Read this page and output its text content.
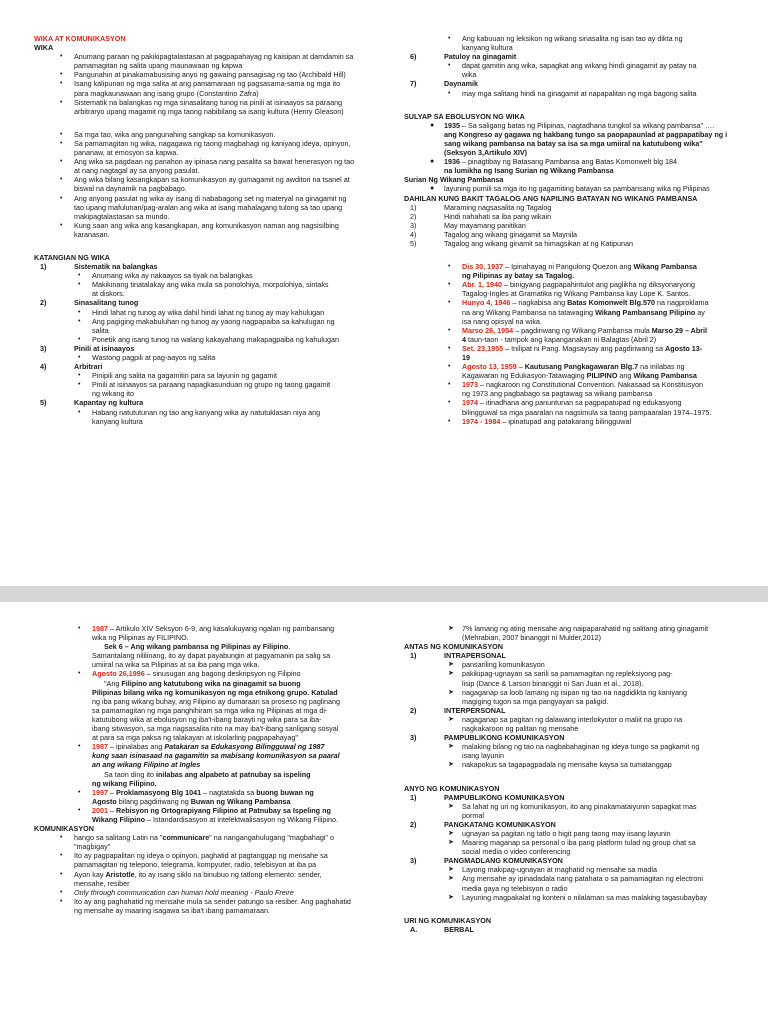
WIKA AT KOMUNIKASYON
WIKA
• Anumang paraan ng pakikipagtalastasan at pagpapahayag ng kaisipan at damdamin sa
pamamagitan ng salita upang maunawaan ng kapwa
• Pangunahin at pinakamabusising anyo ng gawaing pansagisag ng tao (Archibald Hill)
• Isang kalipunan ng mga salita at ang pamamaraan ng pagsasama-sama ng mga ito
para magkaunawaan ang isang grupo (Constantino Zafra)
• Sistematik na balangkas ng mga sinasalitang tunog na pinili at isinaayos sa paraang
arbitraryo upang magamit ng mga taong nabibilang sa isang kultura (Henry Gleason)
• Sa mga tao, wika ang pangunahing sangkap sa komunikasyon.
• Sa pamamagitan ng wika, nagagawa ng taong magbahagi ng kaniyang ideya, opinyon,
pananaw, at emosyon sa kapwa.
• Ang wika sa pagdaan ng panahon ay ipinasa nang pasalita sa bawat henerasyon ng tao
at nang nagtagal ay sa anyong pasulat.
• Ang wika bilang kasangkapan sa komunikasyon ay gumagamit ng awditori na tsanel at
biswal na daynamik na pagbabago.
• Ang anyong pasulat ng wika ay isang di nababagong set ng materyal na ginagamit ng
tao upang mafulunan/pag-aralan ang wika at isang mahalagang tulong sa tao upang
makipagtalastasan sa mundo.
• Kung saan ang wika ang kasangkapan, ang komunikasyon naman ang nagsisilbing
karanasan.
KATANGIAN NG WIKA
1)	Sistematik na balangkas
• Anumang wika ay nakaayos sa tiyak na balangkas
• Makikinang tinatalakay ang wika mula sa ponolohiya, morpolohiya, sintaks
at diskors.
2)	Sinasalitang tunog
• Hindi lahat ng tunog ay wika dahil hindi lahat ng tunog ay may kahulugan
• Ang pagiging makabuluhan ng tunog ay yaong nagpapaiba sa kahulugan ng
salita
• Ponetik ang isang tunog na walang kakayahang makapagpaiba ng kahulugan
3)	Pinili at isinaayos
• Wastong pagpili at pag-aayos ng salita
4)	Arbitrari
• Pinipili ang salita na gagamitin para sa layunin ng gagamit
• Pinili at isinaayos sa paraang napagkasunduan ng grupo ng taong gagamit
ng wikang ito
5)	Kapantay ng kultura
• Habang natututunan ng tao ang kanyang wika ay natutuklasan niya ang
kanyang kultura
• Ang kabuuan ng leksikon ng wikang sinasalita ng isan tao ay dikta ng
kanyang kultura
6)	Patuloy na ginagamit
• dapat gamitin ang wika, sapagkat ang wikang hindi ginagamit ay patay na
wika
7)	Daynamik
• may mga salitang hindi na ginagamit at napapalitan ng mga bagong salita
SULYAP SA EBOLUSYON NG WIKA
● 1935 – Sa saligang batas ng Pilipinas, nagtadhana tungkol sa wikang pambansa" ….
ang Kongreso ay gagawa ng hakbang tungo sa paopapaunlad at pagpapatibay ng i
sang wikang pambansa na batay sa isa sa mga umiiral na katutubong wika"
(Seksyon 3,Artikulo XIV)
● 1936 – pinagtibay ng Batasang Pambansa ang Batas Komonwelt blg 184
na lumikha ng Isang Surian ng Wikang Pambansa
Surian Ng Wikang Pambansa
● layuning pumili sa mga ito ng gagamiting batayan sa pambansang wika ng Pilipinas
DAHILAN KUNG BAKIT TAGALOG ANG NAPILING BATAYAN NG WIKANG PAMBANSA
1)	Maraming nagsasalita ng Tagalog
2)	Hindi nahahati sa iba pang wikain
3)	May mayamang panitikan
4)	Tagalog ang wikang ginagamit sa Maynila
5)	Tagalog ang wikang ginamit sa himagsikan at ng Katipunan
• Dis 30, 1937 – Ipinahayag ni Pangulong Quezon ang Wikang Pambansa
ng Pilipinas ay batay sa Tagalog.
• Abr. 1, 1940 – binigyang pagpapahintulot ang paglikha ng diksyonaryong
Tagalog-Ingles at Gramatika ng Wikang Pambansa kay Lope K. Santos.
• Hunyo 4, 1946 – nagkabisa ang Batas Komonwelt Blg.570 na nagproklama
na ang Wikang Pambansa na tatawaging Wikang Pambansang Pilipino ay
isa nang opisyal na wika.
• Marso 26, 1954 – pagdiriwang ng Wikang Pambansa mula Marso 29 – Abril
4 taun-taon - tampok ang kapanganakan ni Balagtas (Abril 2)
• Set. 23,1955 – Inilipat ni Pang. Magsaysay ang pagdiriwang sa Agosto 13-
19
• Agosto 13, 1959 – Kautusang Pangkagawaran Blg.7 na inilabas ng
Kagawaran ng Edukasyon-Tatawaging PILIPINO ang Wikang Pambansa
• 1973 – nagkaroon ng Constitutional Convention. Nakasaad sa Konstitusyon
ng 1973 ang pagbabago sa pagtawag sa wikang pambansa
• 1974 – itinadhana ang panuntunan sa pagpapatupad ng edukasyong
bilingguwal sa mga paaralan na nagsimula sa taong pampaaralan 1974–1975.
• 1974 - 1984 – ipinatupad ang patakarang bilingguwal
• 1987 – Artikulo XIV Seksyon 6-9, ang kasalukuyang ngalan ng pambansang
wika ng Pilipinas ay FILIPINO.
Sek 6 – Ang wikang pambansa ng Pilipinas ay Filipino.
Samantalang nililinang, ito ay dapat payabungin at pagyamanin pa salig sa
umiiral na wika sa Pilipinas at sa iba pang mga wika.
• Agosto 26,1996 – sinusugan ang bagong deskripsyon ng Filipino
"Ang Filipino ang katutubong wika na ginagamit sa buong
Pilipinas bilang wika ng komunikasyon ng mga etnikong grupo. Katulad
ng iba pang wikang buhay, ang Filipino ay dumaraan sa proseso ng paglinang
sa pamamagitan ng mga panghihiram sa mga wika ng Pilipinas at mga di-
katutubong wika at ebolusyon ng iba't-ibang barayti ng wika para sa iba-
ibang sitwasyon, sa mga nagsasalita nito na may iba't-ibang sanligang sosyal
at para sa mga paksa ng talakayan at iskolarling pagpapahayag"
• 1987 – ipinalabas ang Patakaran sa Edukasyong Bilingguwal ng 1987
kung saan isinasaad na gagamitin sa mabisang komunikasyon sa paaral
an ang wikang Filipino at Ingles
Sa taon ding ito inilabas ang alpabeto at patnubay sa ispeling
ng wikang Filipino.
• 1997 – Proklamasyong Blg 1041 – nagtatakda sa buong buwan ng
Agosto bilang pagdiriwang ng Buwan ng Wikang Pambansa
• 2001 – Rebisyon ng Ortograpiyang Filipino at Patnubay sa Ispeling ng
Wikang Filipino – Istandardisasyon at intelektwalisasyon ng Wikang Filipino.
KOMUNIKASYON
• hango sa salitang Latin na "communicare" na nangangahulugang "magbahagi" o
"magbigay"
• Ito ay pagpapalitan ng ideya o opinyon, paghatid at pagtanggap ng mensahe sa
pamamagitan ng telepono, telegrama, kompyuter, radio, telebisyon at iba pa
• Ayon kay Aristotle, ito ay isang siklo na binubuo ng tatlong elemento: sender,
mensahe, resiber
• Only through communication can human hold meaning - Paulo Freire
• Ito ay ang paghahatid ng mensahe mula sa sender patungo sa resiber. Ang paghahatid
ng mensahe ay maaring isagawa sa iba't ibang pamamaraan.
➤ 7% lamang ng ating mensahe ang naipaparahatid ng salitang ating ginagamit
(Mehrabian, 2007 binanggit ni Mulder,2012)
ANTAS NG KOMUNIKASYON
1)	INTRAPERSONAL
➤ pansariling komunikasyon
➤ pakikipag-ugnayan sa sarili sa pamamagitan ng repleksiyong pag-
lisip (Dance & Larson binanggit ni San Juan et al., 2018).
➤ nagaganap sa loob lamang ng isipan ng tao na nagdidikta ng kaniyang
magiging tugon sa mga pangyayari sa paligid.
2)	INTERPERSONAL
➤ nagaganap sa pagitan ng dalawang interlokyutor o maliit na grupo na
nagkakaroon ng palitan ng mensahe
3)	PAMPUBLIKONG KOMUNIKASYON
➤ malaking bilang ng tao na nagbabahaginan ng ideya tungo sa pagkamit ng
isang layunin
➤ nakapokus sa tagapagpadala ng mensahe kaysa sa tumatanggap
ANYO NG KOMUNIKASYON
1)	PAMPUBLIKONG KOMUNIKASYON
➤ Sa lahat ng uri ng komunikasyon, ito ang pinakamataiyunin sapagkat mas
pormal
2)	PANGKATANG KOMUNIKASYON
➤ ugnayan sa pagitan ng tatlo o higit pang taong may iisang layunin
➤ Maaring maganap sa personal o iba pang platform tulad ng group chat sa
social media o video conferencing
3)	PANGMADLANG KOMUNIKASYON
➤ Layong makipag-ugnayan at maghatid ng mensahe sa madla
➤ Ang mensahe ay ipinadadala nang patahata o sa pamamagitan ng electroni
media gaya ng telebisyon o radio
➤ Layuning magpakalat ng konteni o nilalaman sa mas malaking tagasubaybay
URI NG KOMUNIKASYON
A.	BERBAL
